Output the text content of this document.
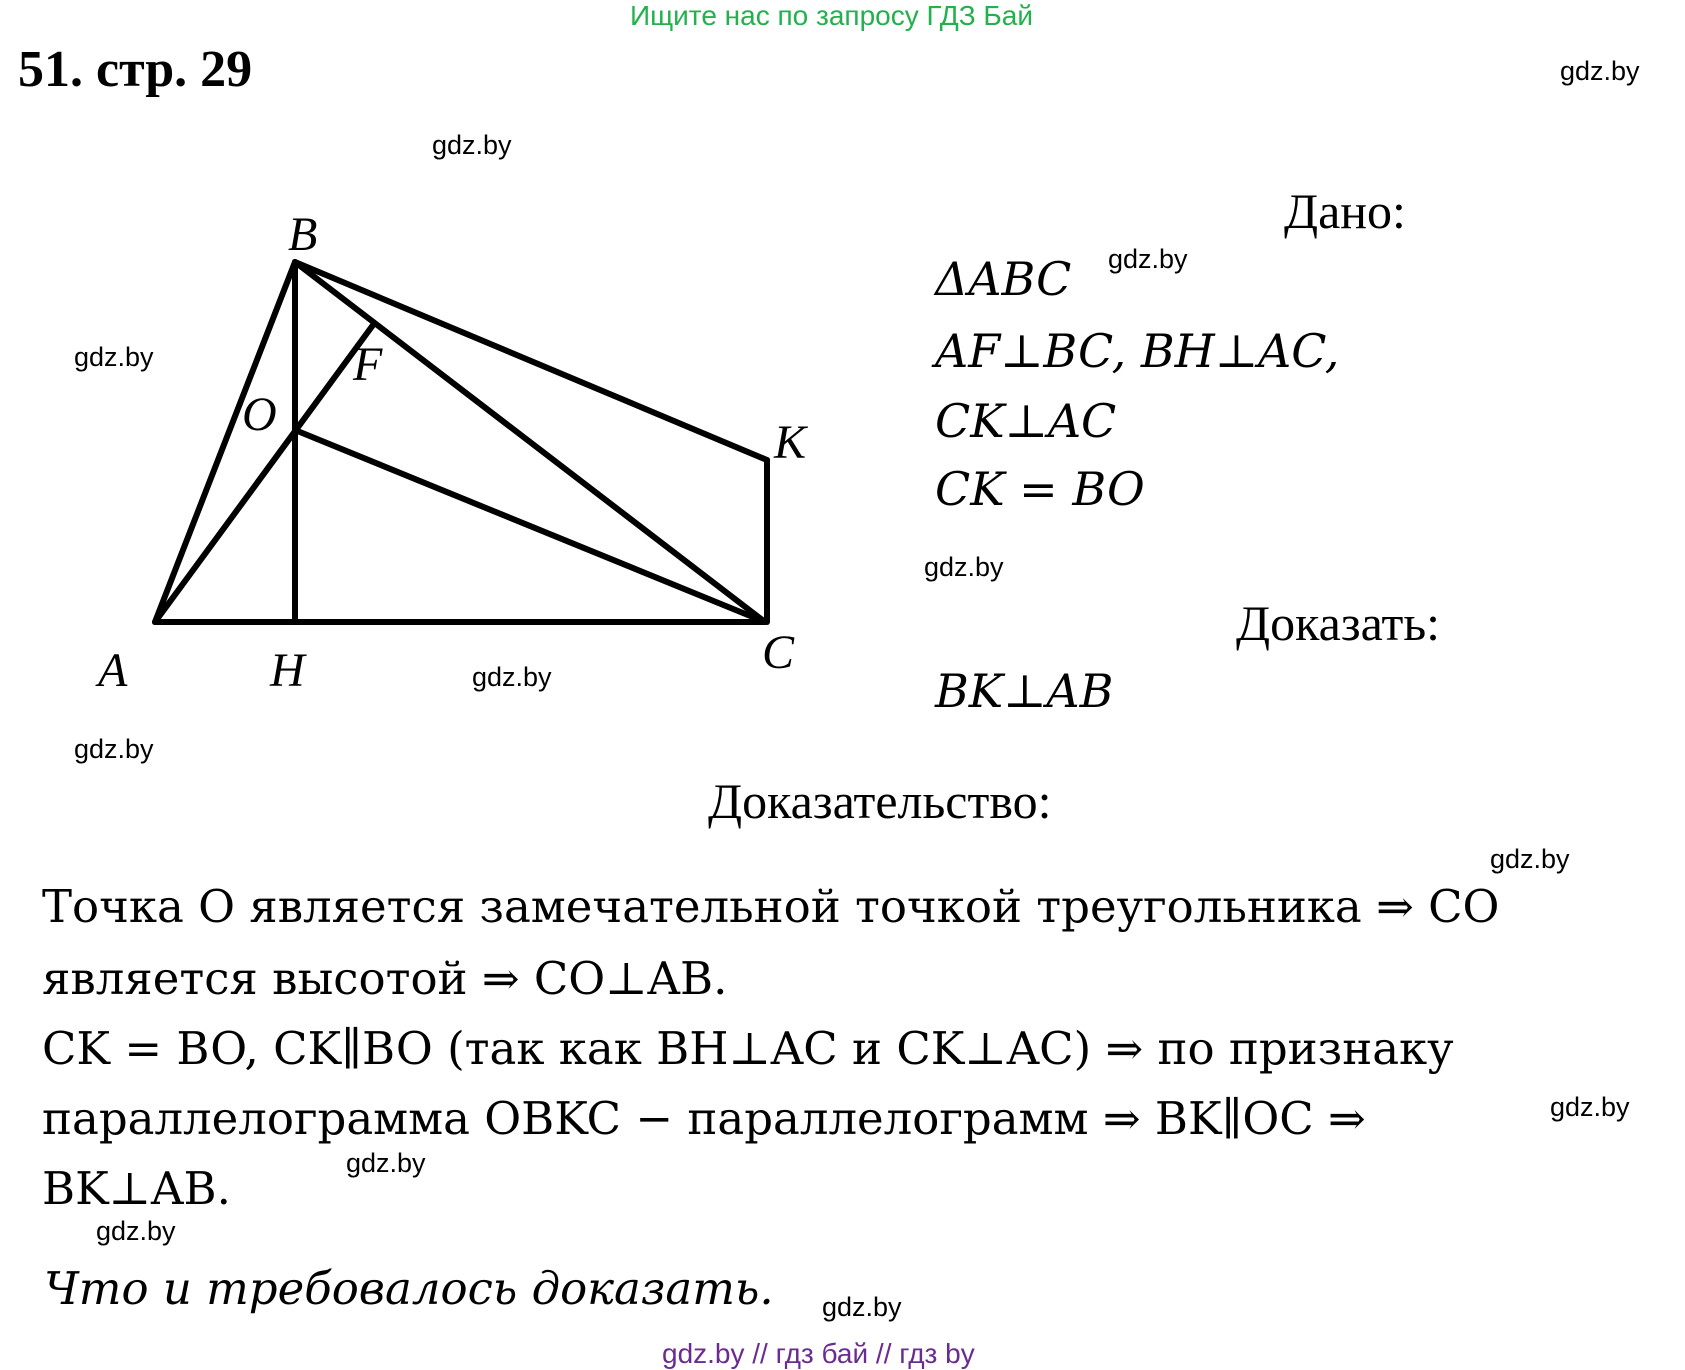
Ищите нас по запросу ГДЗ Бай
51. стр. 29	gdz.by
gdz.by
gdz.by
gdz.by
gdz.by
gdz.by
gdz.by
gdz.by
gdz.by
gdz.by
gdz.by
gdz.by
B
F
O
K
A	H	C
Дано:
ΔABC
AF⊥BC, BH⊥AC,
CK⊥AC
CK = BO
Доказать:
BK⊥AB
Доказательство:
Точка O является замечательной точкой треугольника ⇒ CO
является высотой ⇒ CO⊥AB.
CK = BO, CK∥BO (так как BH⊥AC и CK⊥AC) ⇒ по признаку
параллелограмма OBKC − параллелограмм ⇒ BK∥OC ⇒
BK⊥AB.
Что и требовалось доказать.
gdz.by // гдз бай // гдз by
